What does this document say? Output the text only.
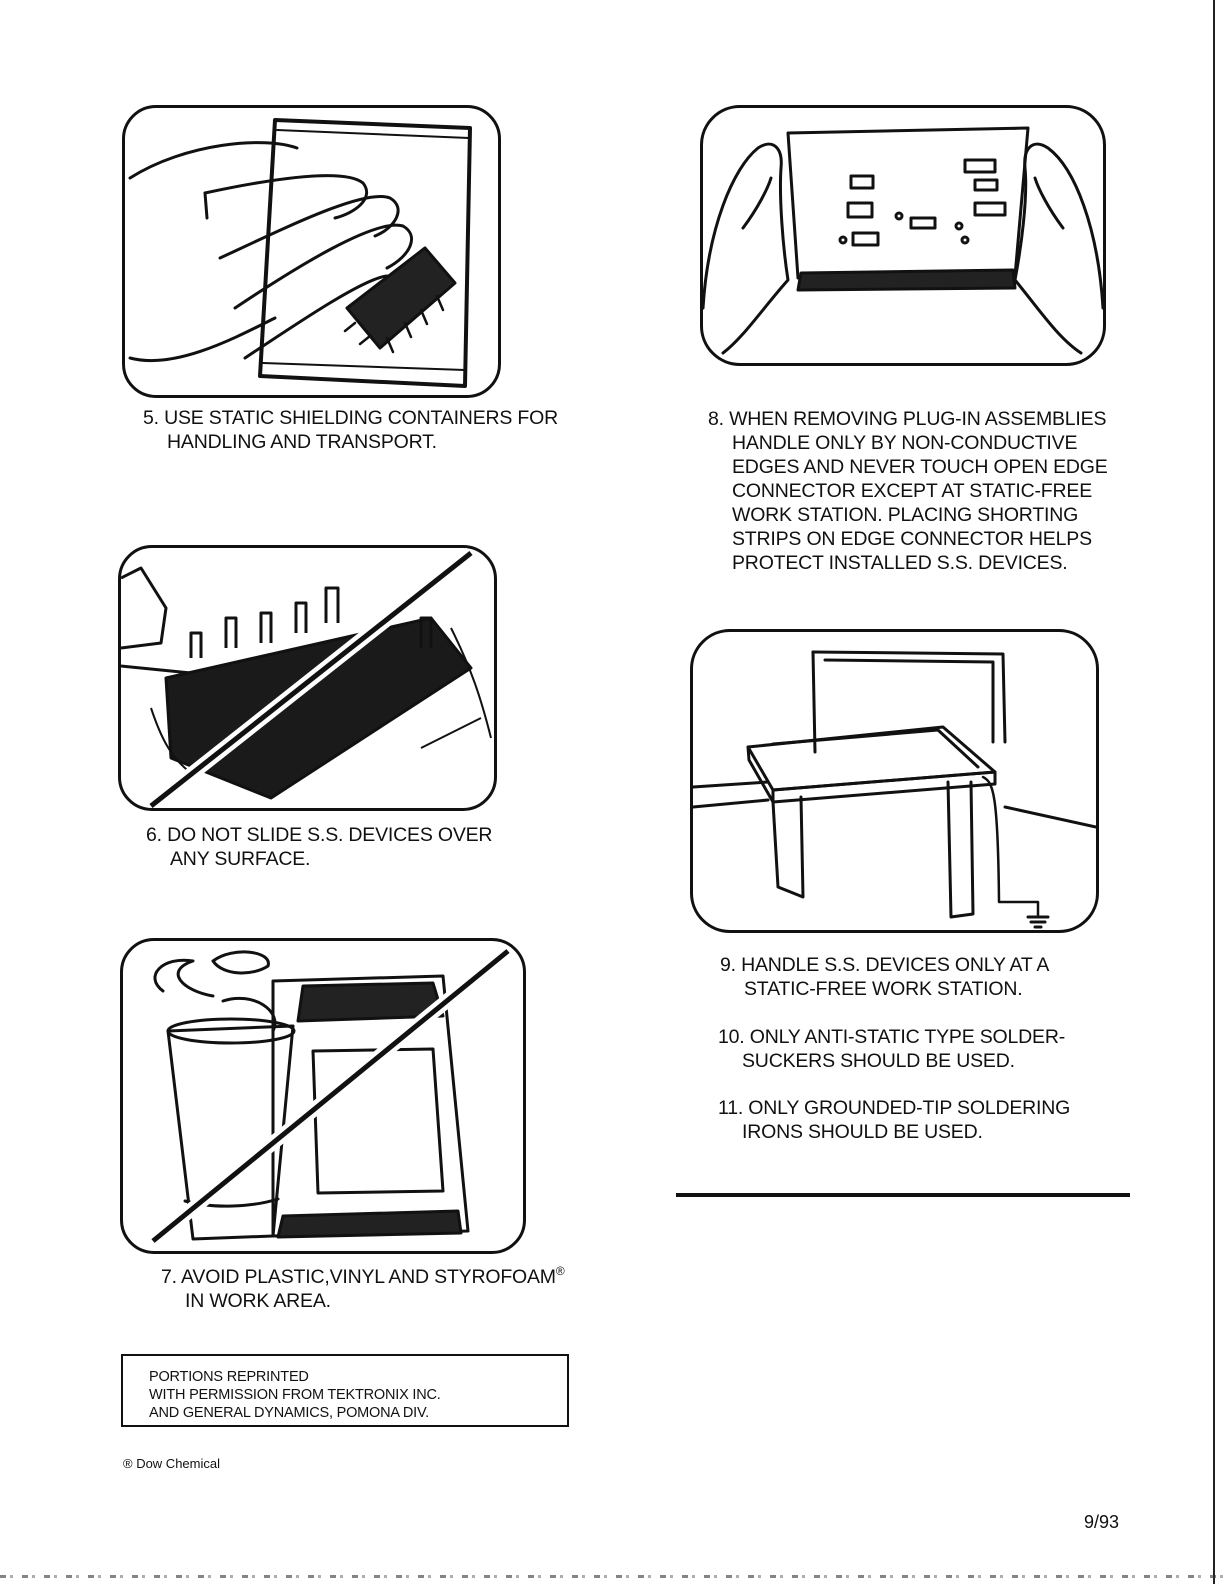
5. USE STATIC SHIELDING CONTAINERS FOR
HANDLING AND TRANSPORT.
6. DO NOT SLIDE S.S. DEVICES OVER
ANY SURFACE.
7. AVOID PLASTIC,VINYL AND STYROFOAM®
IN WORK AREA.
PORTIONS REPRINTED
WITH PERMISSION FROM TEKTRONIX INC.
AND GENERAL DYNAMICS, POMONA DIV.
® Dow Chemical
8. WHEN REMOVING PLUG-IN ASSEMBLIES
HANDLE ONLY BY NON-CONDUCTIVE
EDGES AND NEVER TOUCH OPEN EDGE
CONNECTOR EXCEPT AT STATIC-FREE
WORK STATION. PLACING SHORTING
STRIPS ON EDGE CONNECTOR HELPS
PROTECT INSTALLED S.S. DEVICES.
9. HANDLE S.S. DEVICES ONLY AT A
STATIC-FREE WORK STATION.
10. ONLY ANTI-STATIC TYPE SOLDER-
SUCKERS SHOULD BE USED.
11. ONLY GROUNDED-TIP SOLDERING
IRONS SHOULD BE USED.
9/93
